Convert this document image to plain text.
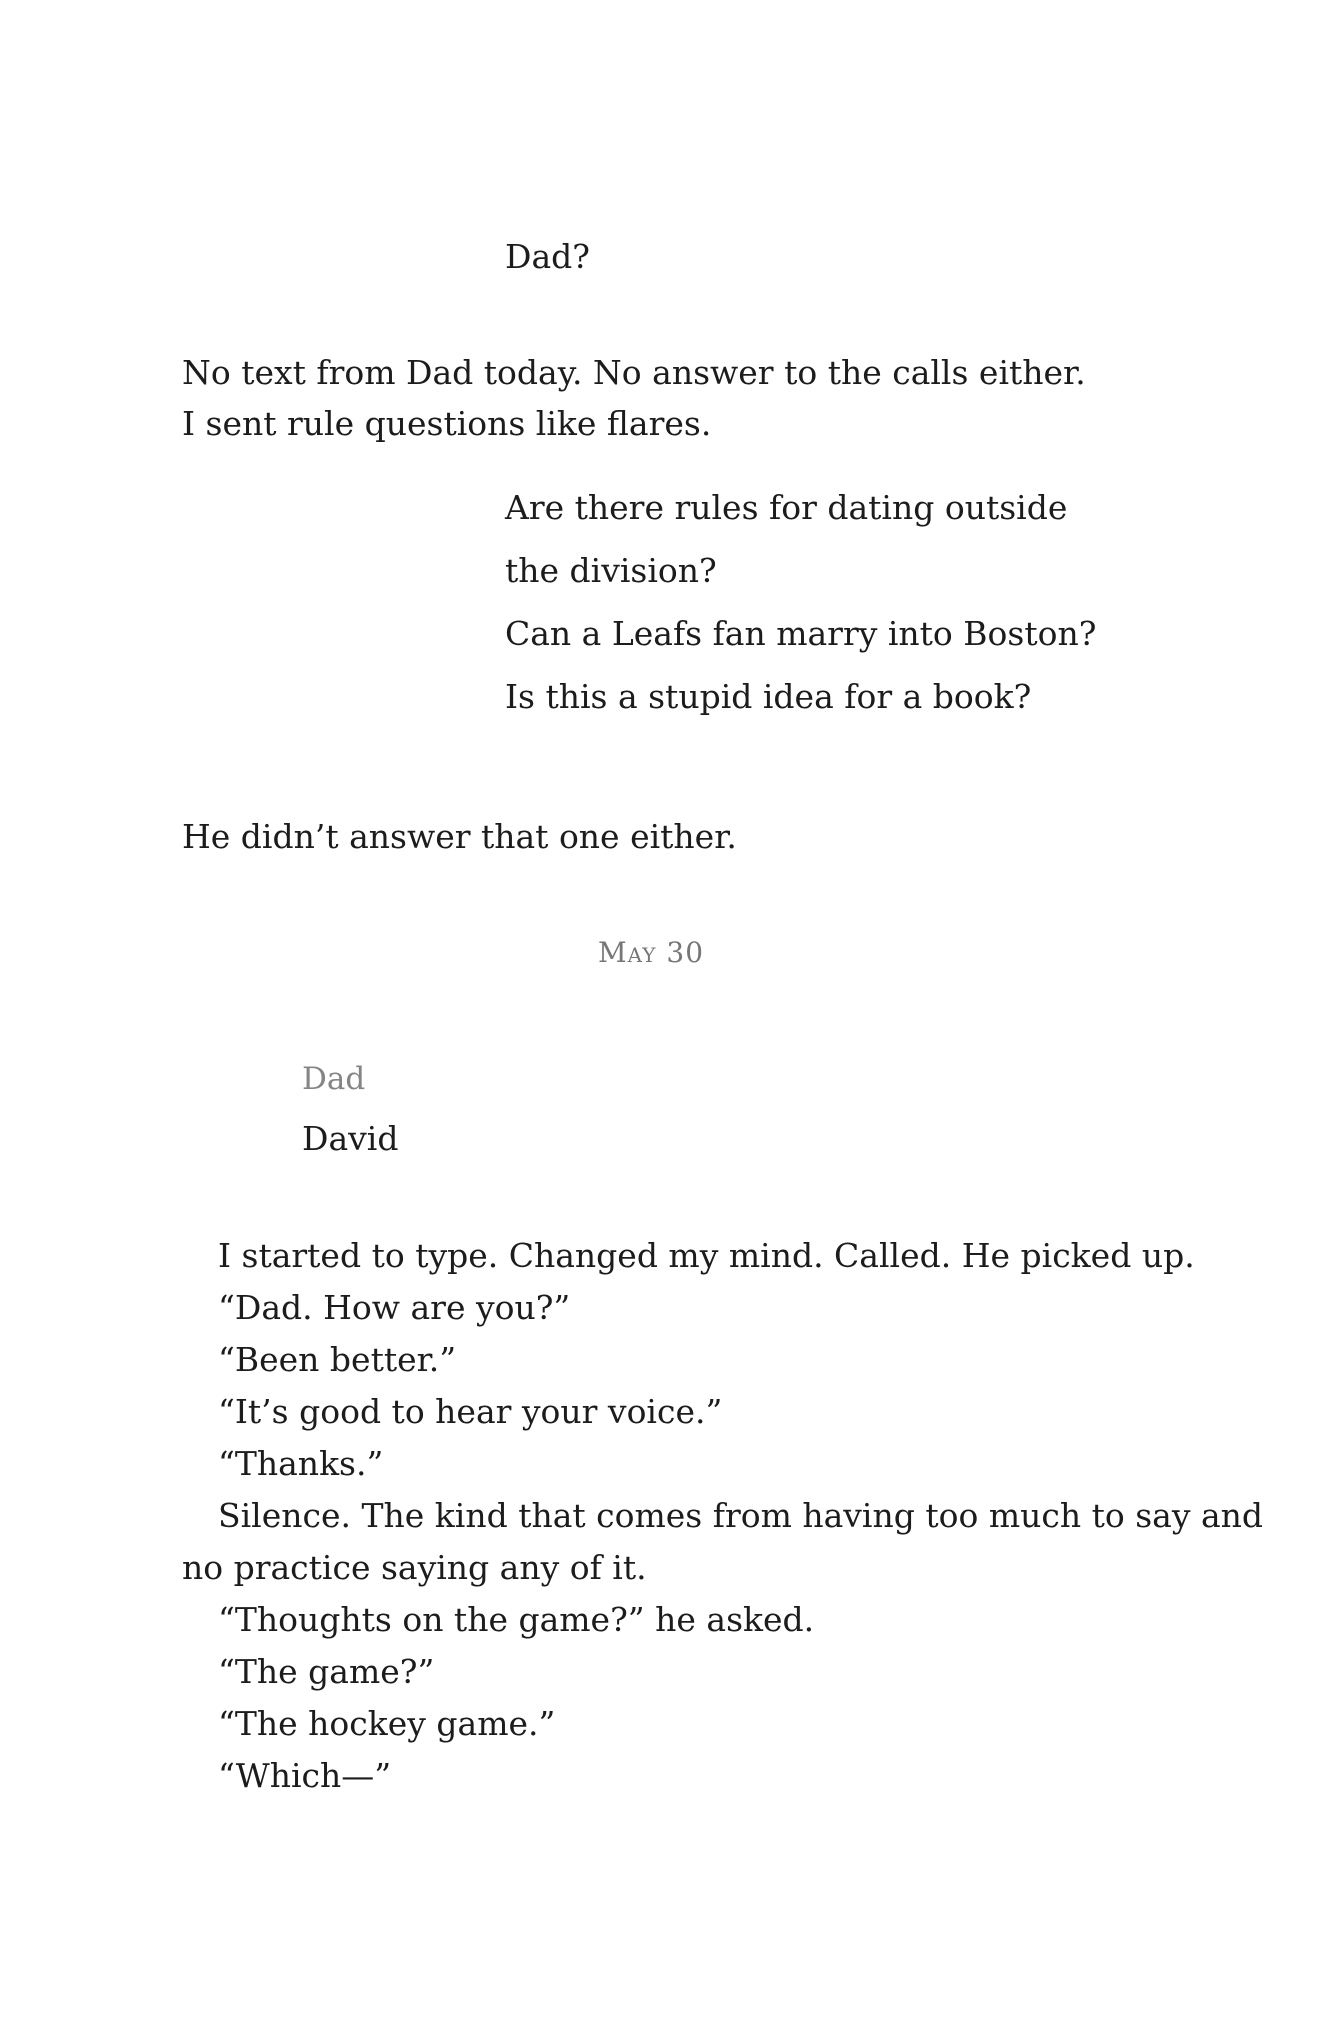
Dad?
No text from Dad today. No answer to the calls either.
I sent rule questions like flares.
Are there rules for dating outside
the division?
Can a Leafs fan marry into Boston?
Is this a stupid idea for a book?
He didn’t answer that one either.
May 30
Dad
David
I started to type. Changed my mind. Called. He picked up.
“Dad. How are you?”
“Been better.”
“It’s good to hear your voice.”
“Thanks.”
Silence. The kind that comes from having too much to say and
no practice saying any of it.
“Thoughts on the game?” he asked.
“The game?”
“The hockey game.”
“Which—”
